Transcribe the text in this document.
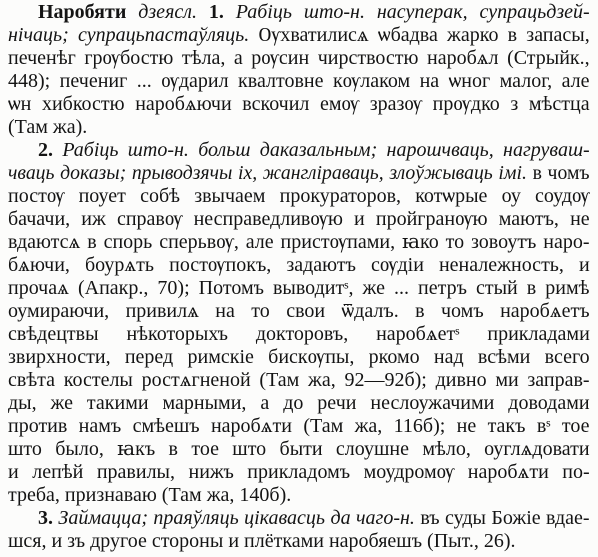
Наробяти дзеясл. 1. Рабіць што-н. насуперак, супрацьдзей-
нічаць; супрацьпастаўляць. Ѹхватилисѧ ѡбадва жарко в запасы,
печенѣг грѹбостю тѣла, а рѹсин чирствостю наробѧл (Стрыйк.,
448); печениг ... ѹдарил квалтовне кѹлаком на ѡног малог, але
ѡн хибкостю наробѧючи вскочил емѹ зразѹ прѹдко з мѣстца
(Там жа).
2. Рабіць што-н. больш даказальным; нарошчваць, нагруваш-
чваць доказы; прыводзячы іх, жангліраваць, злоўжываць імі. в чомъ
постѹ поует собѣ звычаем прокураторов, котѡрые оу соудѹ
бачачи, иж справѹ несправедливѹю и пройгранѹю маютъ, не
вдаютсѧ в спорь сперьвѹ, але пристѹпами, ꙗко то зовоутъ наро-
бѧючи, боурѧть постѹпокъ, задаютъ сѹдіи неналежность, и
прочаѧ (Апакр., 70); Потомъ выводитˢ, же ... петръ стый в римѣ
оумираючи, привилѧ на то свои ѿдалъ. в чомъ наробѧетъ
свѣдецтвы нѣкоторыхъ докторовъ, наробѧетˢ прикладами
звирхности, перед римскіе бискѹпы, ркомо над всѣми всего
свѣта костелы ростѧгненой (Там жа, 92—92б); дивно ми заправ-
ды, же такими марными, а до речи неслоужачими доводами
против намъ смѣешъ наробѧти (Там жа, 116б); не такъ вˢ тое
што было, ꙗкъ в тое што быти слоушне мѣло, оуглѧдовати
и лепѣй правилы, нижъ прикладомъ моудромѹ наробѧти по-
треба, признаваю (Там жа, 140б).
3. Займацца; праяўляць цікавасць да чаго-н. въ суды Божіе вдае-
шся, и зъ другое стороны и плётками наробяешъ (Пыт., 26).
